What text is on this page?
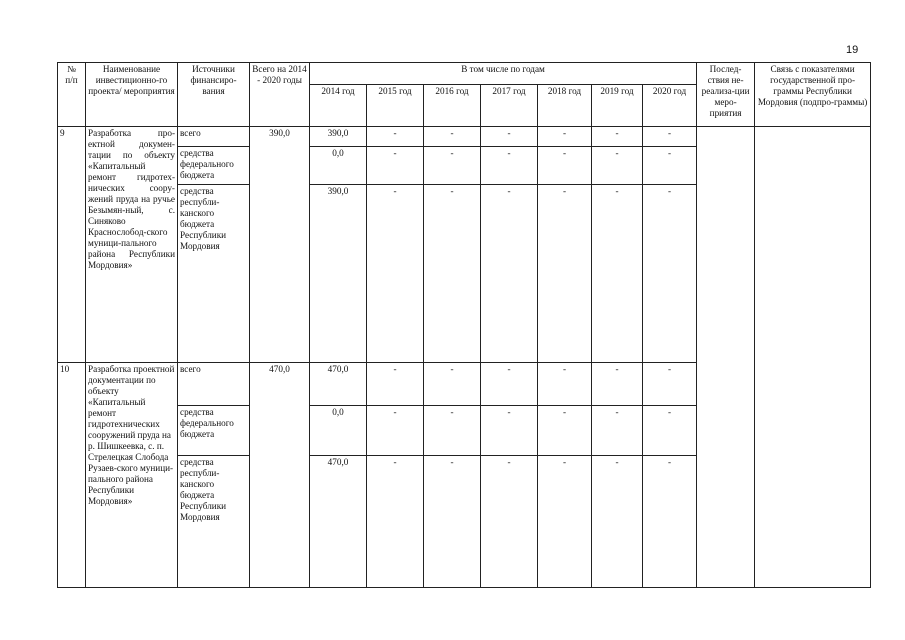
19
№
п/п	Наименование инвестиционно-го проекта/ мероприятия	Источники финансиро-вания	Всего на 2014 - 2020 годы	В том числе по годам							Послед-ствия не-реализа-ции меро-приятия	Связь с показателями государственной про-граммы Республики Мордовия (подпро-граммы)
				2014 год	2015 год	2016 год	2017 год	2018 год	2019 год	2020 год		
9	Разработка про-ектной докумен-тации по объекту «Капитальный ремонт гидротех-нических соору-жений пруда на ручье Безымян-ный, с. Синяково Краснослобод-ского муници-пального района Республики Мордовия»	всего	390,0	390,0	-	-	-	-	-	-		
		средства федерального бюджета		0,0	-	-	-	-	-	-		
		средства республи-канского бюджета Республики Мордовия		390,0	-	-	-	-	-	-		
10	Разработка проектной документации по объекту «Капитальный ремонт гидротехнических сооружений пруда на р. Шишкеевка, с. п. Стрелецкая Слобода Рузаев-ского муници-пального района Республики Мордовия»	всего	470,0	470,0	-	-	-	-	-	-		
		средства федерального бюджета		0,0	-	-	-	-	-	-		
		средства республи-канского бюджета Республики Мордовия		470,0	-	-	-	-	-	-		
